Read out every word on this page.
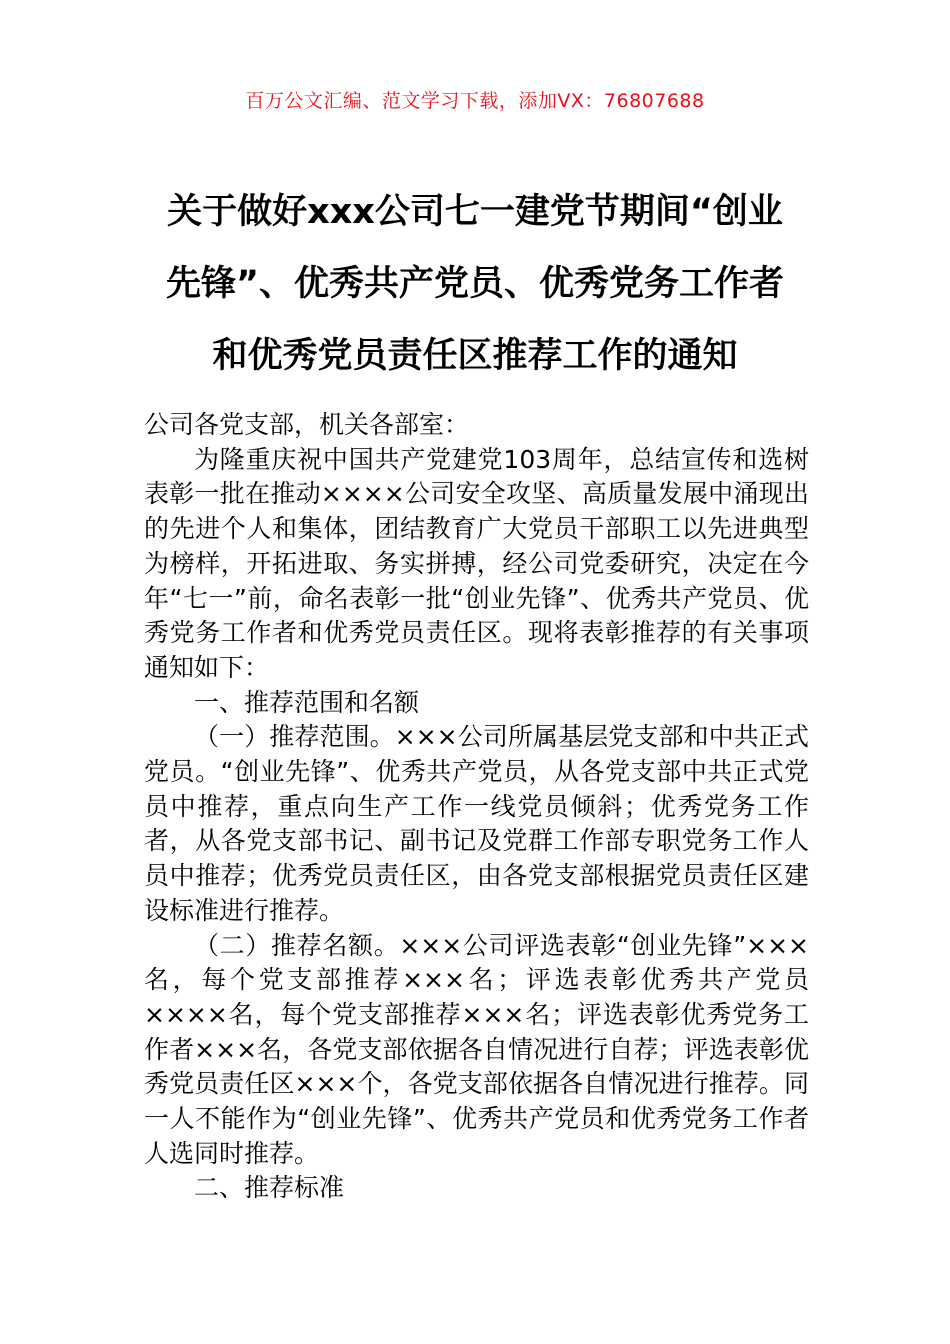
百万公文汇编、范文学习下载，添加VX：76807688
关于做好xxx公司七一建党节期间“创业
先锋”、优秀共产党员、优秀党务工作者
和优秀党员责任区推荐工作的通知

公司各党支部，机关各部室：

为隆重庆祝中国共产党建党103周年，总结宣传和选树表彰一批在推动××××公司安全攻坚、高质量发展中涌现出的先进个人和集体，团结教育广大党员干部职工以先进典型为榜样，开拓进取、务实拼搏，经公司党委研究，决定在今年“七一”前，命名表彰一批“创业先锋”、优秀共产党员、优秀党务工作者和优秀党员责任区。现将表彰推荐的有关事项通知如下：

一、推荐范围和名额

（一）推荐范围。×××公司所属基层党支部和中共正式党员。“创业先锋”、优秀共产党员，从各党支部中共正式党员中推荐，重点向生产工作一线党员倾斜；优秀党务工作者，从各党支部书记、副书记及党群工作部专职党务工作人员中推荐；优秀党员责任区，由各党支部根据党员责任区建设标准进行推荐。

（二）推荐名额。×××公司评选表彰“创业先锋”×××名，每个党支部推荐×××名；评选表彰优秀共产党员××××名，每个党支部推荐×××名；评选表彰优秀党务工作者×××名，各党支部依据各自情况进行自荐；评选表彰优秀党员责任区×××个，各党支部依据各自情况进行推荐。同一人不能作为“创业先锋”、优秀共产党员和优秀党务工作者人选同时推荐。

二、推荐标准
